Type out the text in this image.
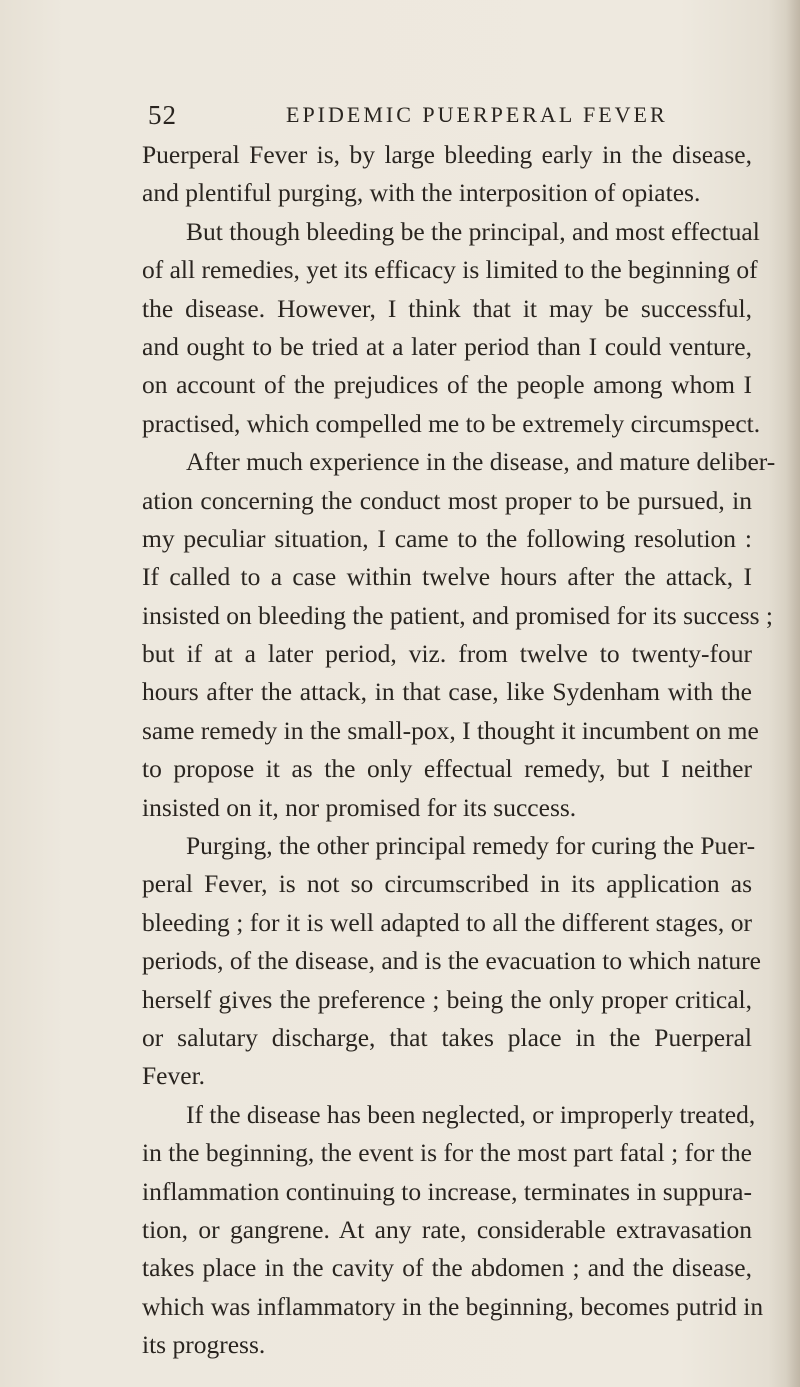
52	EPIDEMIC PUERPERAL FEVER
Puerperal Fever is, by large bleeding early in the disease,
and plentiful purging, with the interposition of opiates.
But though bleeding be the principal, and most effectual
of all remedies, yet its efficacy is limited to the beginning of
the disease. However, I think that it may be successful,
and ought to be tried at a later period than I could venture,
on account of the prejudices of the people among whom I
practised, which compelled me to be extremely circumspect.
After much experience in the disease, and mature deliber-
ation concerning the conduct most proper to be pursued, in
my peculiar situation, I came to the following resolution :
If called to a case within twelve hours after the attack, I
insisted on bleeding the patient, and promised for its success ;
but if at a later period, viz. from twelve to twenty-four
hours after the attack, in that case, like Sydenham with the
same remedy in the small-pox, I thought it incumbent on me
to propose it as the only effectual remedy, but I neither
insisted on it, nor promised for its success.
Purging, the other principal remedy for curing the Puer-
peral Fever, is not so circumscribed in its application as
bleeding ; for it is well adapted to all the different stages, or
periods, of the disease, and is the evacuation to which nature
herself gives the preference ; being the only proper critical,
or salutary discharge, that takes place in the Puerperal
Fever.
If the disease has been neglected, or improperly treated,
in the beginning, the event is for the most part fatal ; for the
inflammation continuing to increase, terminates in suppura-
tion, or gangrene. At any rate, considerable extravasation
takes place in the cavity of the abdomen ; and the disease,
which was inflammatory in the beginning, becomes putrid in
its progress.
